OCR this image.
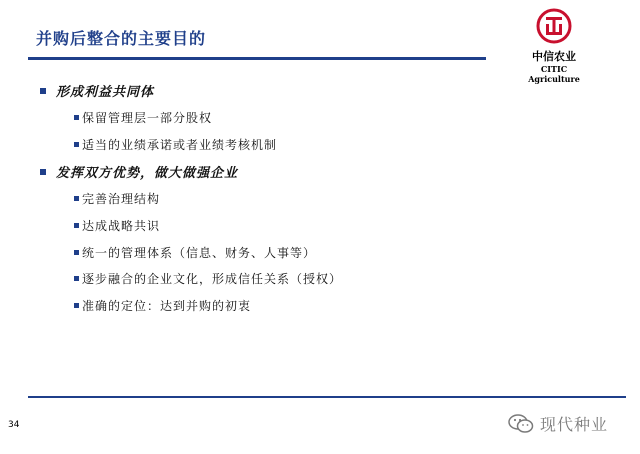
并购后整合的主要目的
中信农业
CITIC Agriculture
形成利益共同体
保留管理层一部分股权
适当的业绩承诺或者业绩考核机制
发挥双方优势，做大做强企业
完善治理结构
达成战略共识
统一的管理体系（信息、财务、人事等）
逐步融合的企业文化，形成信任关系（授权）
准确的定位：达到并购的初衷
34	现代种业
